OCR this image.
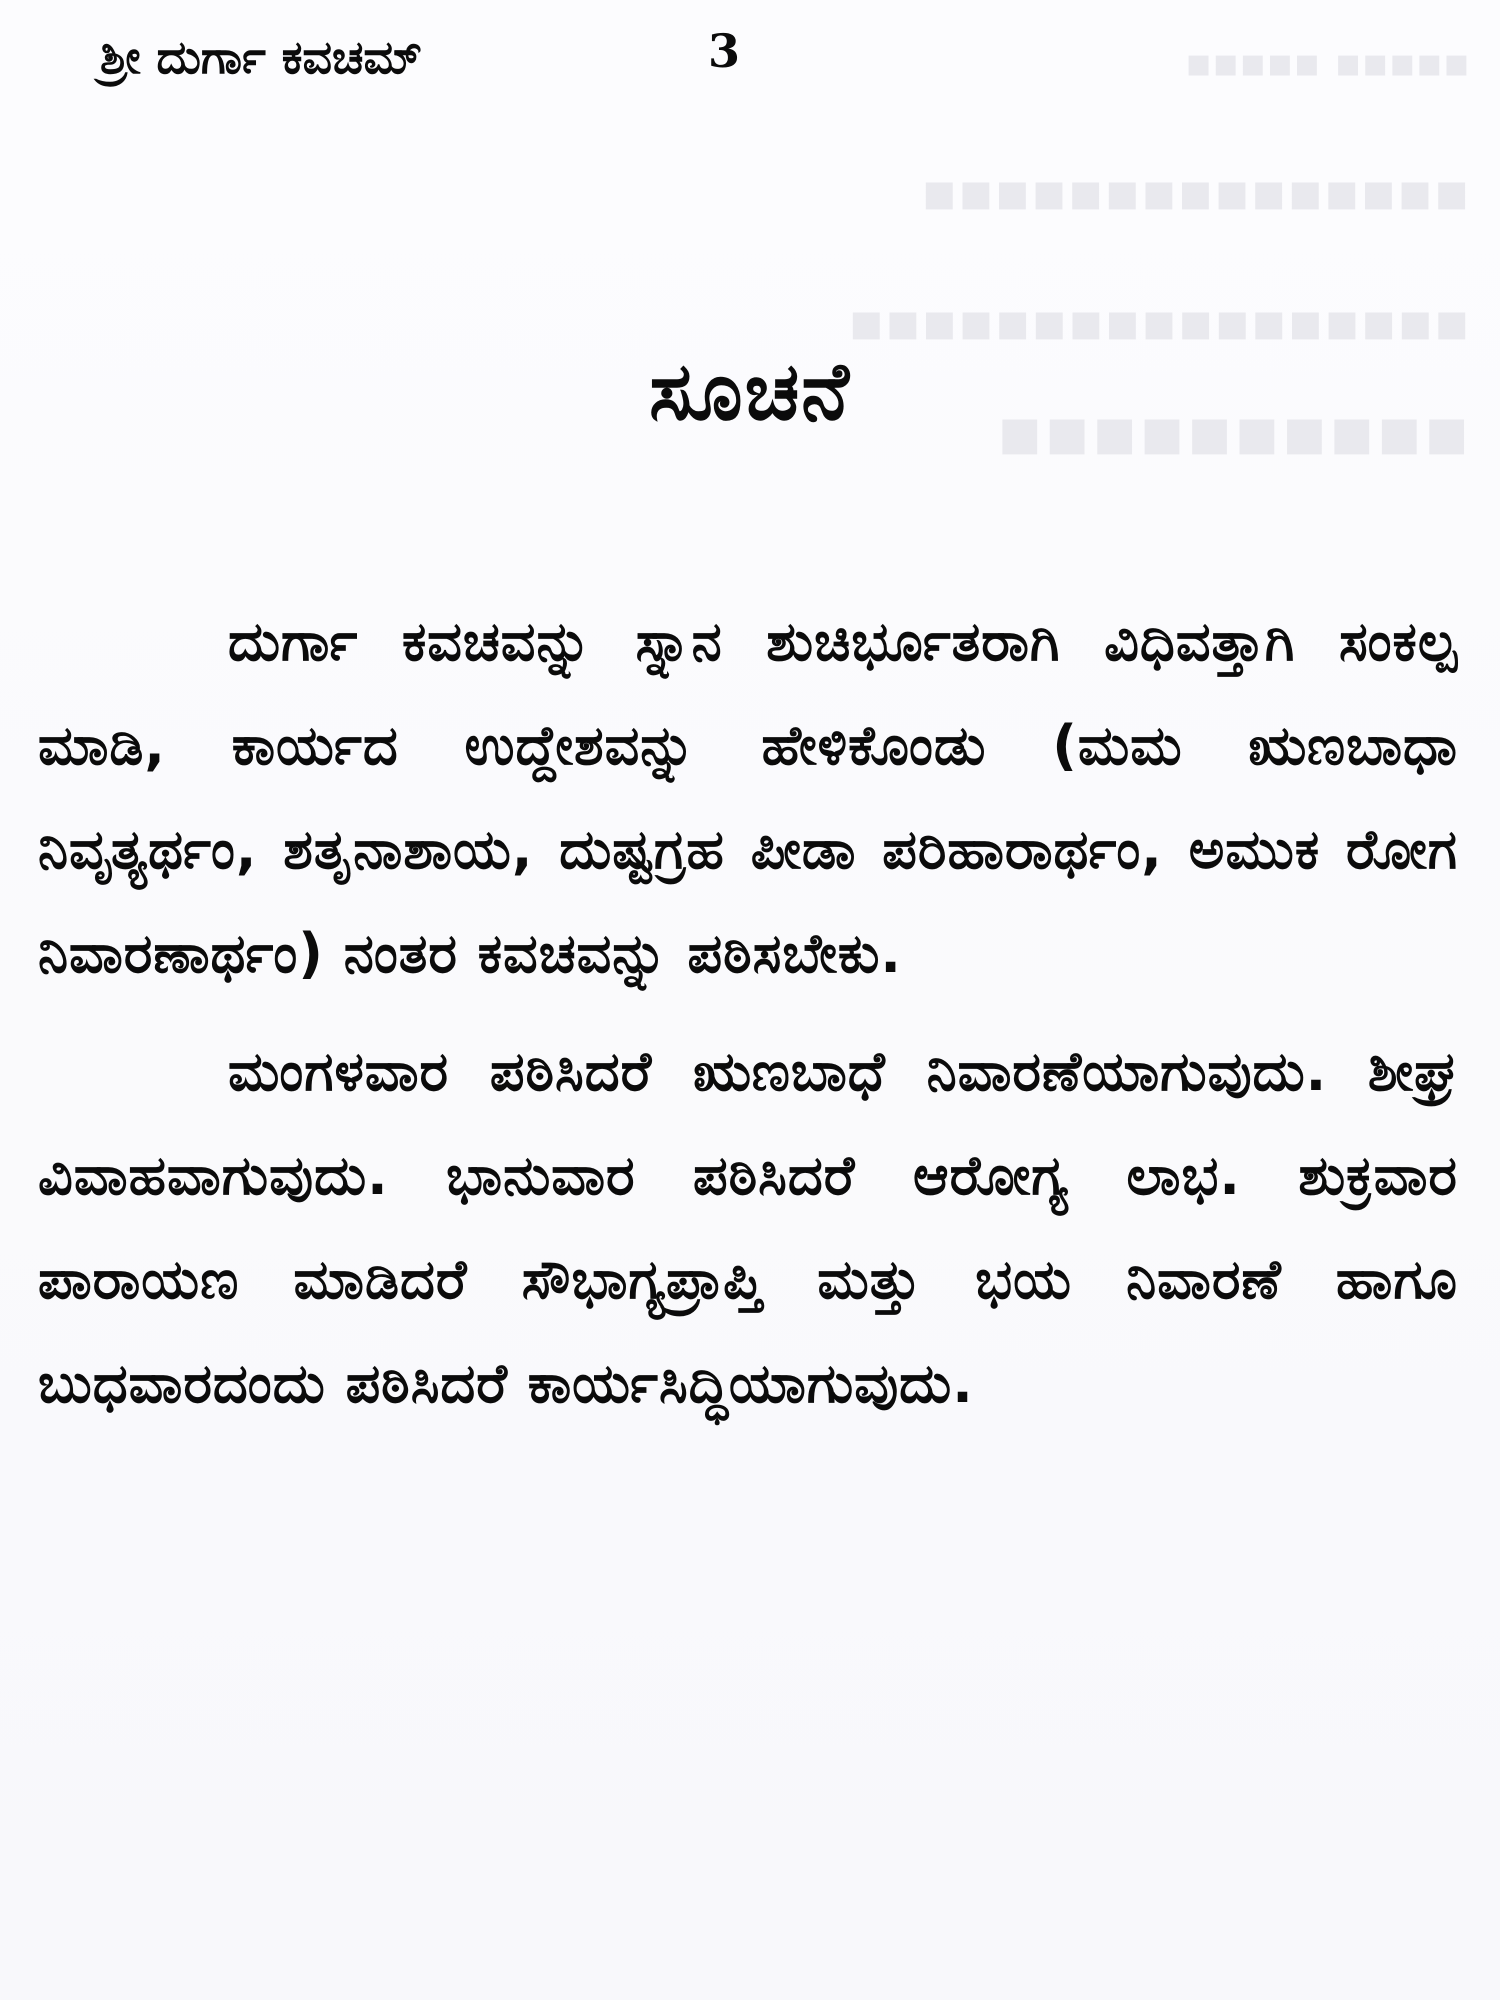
▪▪▪▪▪ ▪▪▪▪▪
▪▪▪▪▪▪▪▪▪▪▪▪▪▪▪
▪▪▪▪▪▪▪▪▪▪▪▪▪▪▪▪▪
▪▪▪▪▪▪▪▪▪▪
ಶ್ರೀ ದುರ್ಗಾ ಕವಚಮ್	3
ಸೂಚನೆ

ದುರ್ಗಾ ಕವಚವನ್ನು ಸ್ನಾನ ಶುಚಿರ್ಭೂತರಾಗಿ ವಿಧಿವತ್ತಾಗಿ ಸಂಕಲ್ಪ ಮಾಡಿ, ಕಾರ್ಯದ ಉದ್ದೇಶವನ್ನು ಹೇಳಿಕೊಂಡು (ಮಮ ಋಣಬಾಧಾ ನಿವೃತ್ಯರ್ಥಂ, ಶತೃನಾಶಾಯ, ದುಷ್ಟಗ್ರಹ ಪೀಡಾ ಪರಿಹಾರಾರ್ಥಂ, ಅಮುಕ ರೋಗ ನಿವಾರಣಾರ್ಥಂ) ನಂತರ ಕವಚವನ್ನು ಪಠಿಸಬೇಕು.

ಮಂಗಳವಾರ ಪಠಿಸಿದರೆ ಋಣಬಾಧೆ ನಿವಾರಣೆಯಾಗುವುದು. ಶೀಘ್ರ ವಿವಾಹವಾಗುವುದು. ಭಾನುವಾರ ಪಠಿಸಿದರೆ ಆರೋಗ್ಯ ಲಾಭ. ಶುಕ್ರವಾರ ಪಾರಾಯಣ ಮಾಡಿದರೆ ಸೌಭಾಗ್ಯಪ್ರಾಪ್ತಿ ಮತ್ತು ಭಯ ನಿವಾರಣೆ ಹಾಗೂ ಬುಧವಾರದಂದು ಪಠಿಸಿದರೆ ಕಾರ್ಯಸಿದ್ಧಿಯಾಗುವುದು.
